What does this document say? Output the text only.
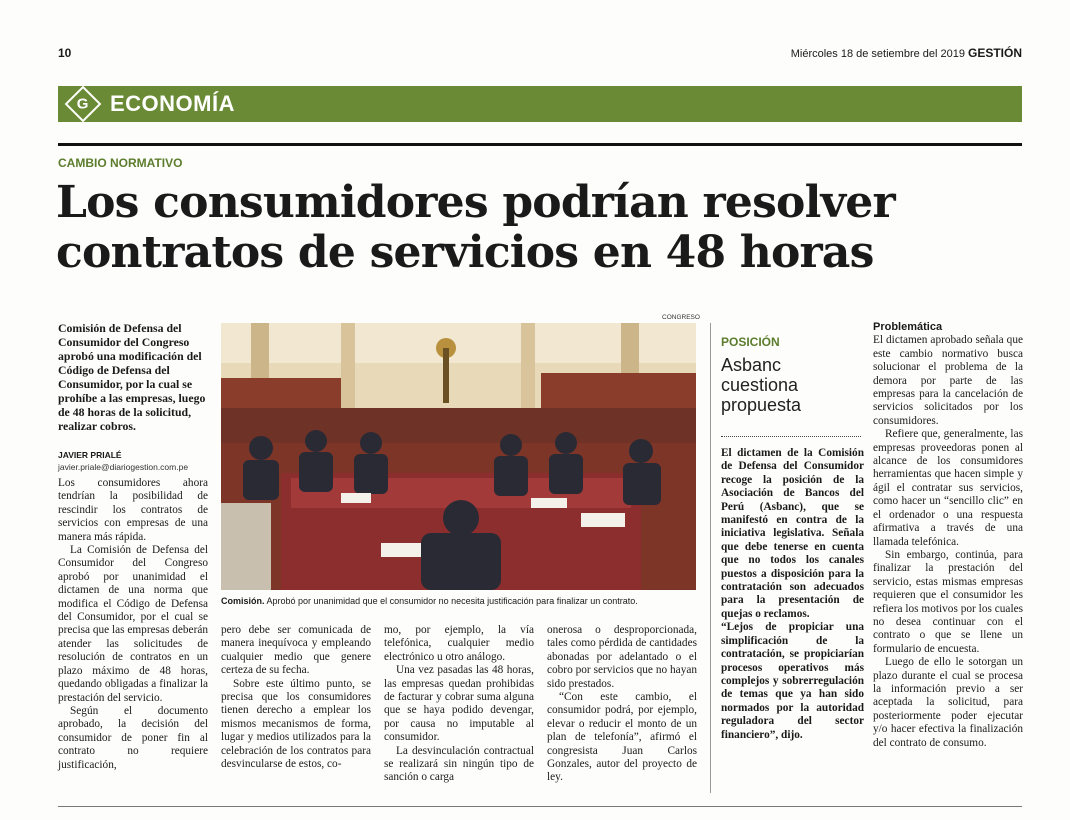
10	Miércoles 18 de setiembre del 2019 GESTIÓN
G ECONOMÍA
CAMBIO NORMATIVO
Los consumidores podrían resolver contratos de servicios en 48 horas
Comisión de Defensa del Consumidor del Congreso aprobó una modificación del Código de Defensa del Consumidor, por la cual se prohíbe a las empresas, luego de 48 horas de la solicitud, realizar cobros.
JAVIER PRIALÉ
javier.priale@diariogestion.com.pe

Los consumidores ahora tendrían la posibilidad de rescindir los contratos de servicios con empresas de una manera más rápida.

La Comisión de Defensa del Consumidor del Congreso aprobó por unanimidad el dictamen de una norma que modifica el Código de Defensa del Consumidor, por el cual se precisa que las empresas deberán atender las solicitudes de resolución de contratos en un plazo máximo de 48 horas, quedando obligadas a finalizar la prestación del servicio.

Según el documento aprobado, la decisión del consumidor de poner fin al contrato no requiere justificación,

CONGRESO
Comisión. Aprobó por unanimidad que el consumidor no necesita justificación para finalizar un contrato.

pero debe ser comunicada de manera inequívoca y empleando cualquier medio que genere certeza de su fecha.

Sobre este último punto, se precisa que los consumidores tienen derecho a emplear los mismos mecanismos de forma, lugar y medios utilizados para la celebración de los contratos para desvincularse de estos, co-

mo, por ejemplo, la vía telefónica, cualquier medio electrónico u otro análogo.

Una vez pasadas las 48 horas, las empresas quedan prohibidas de facturar y cobrar suma alguna que se haya podido devengar, por causa no imputable al consumidor.

La desvinculación contractual se realizará sin ningún tipo de sanción o carga

onerosa o desproporcionada, tales como pérdida de cantidades abonadas por adelantado o el cobro por servicios que no hayan sido prestados.

“Con este cambio, el consumidor podrá, por ejemplo, elevar o reducir el monto de un plan de telefonía”, afirmó el congresista Juan Carlos Gonzales, autor del proyecto de ley.

POSICIÓN
Asbanc cuestiona propuesta

El dictamen de la Comisión de Defensa del Consumidor recoge la posición de la Asociación de Bancos del Perú (Asbanc), que se manifestó en contra de la iniciativa legislativa. Señala que debe tenerse en cuenta que no todos los canales puestos a disposición para la contratación son adecuados para la presentación de quejas o reclamos.

“Lejos de propiciar una simplificación de la contratación, se propiciarían procesos operativos más complejos y sobrerregulación de temas que ya han sido normados por la autoridad reguladora del sector financiero”, dijo.

Problemática

El dictamen aprobado señala que este cambio normativo busca solucionar el problema de la demora por parte de las empresas para la cancelación de servicios solicitados por los consumidores.

Refiere que, generalmente, las empresas proveedoras ponen al alcance de los consumidores herramientas que hacen simple y ágil el contratar sus servicios, como hacer un “sencillo clic” en el ordenador o una respuesta afirmativa a través de una llamada telefónica.

Sin embargo, continúa, para finalizar la prestación del servicio, estas mismas empresas requieren que el consumidor les refiera los motivos por los cuales no desea continuar con el contrato o que se llene un formulario de encuesta.

Luego de ello le sotorgan un plazo durante el cual se procesa la información previo a ser aceptada la solicitud, para posteriormente poder ejecutar y/o hacer efectiva la finalización del contrato de consumo.
